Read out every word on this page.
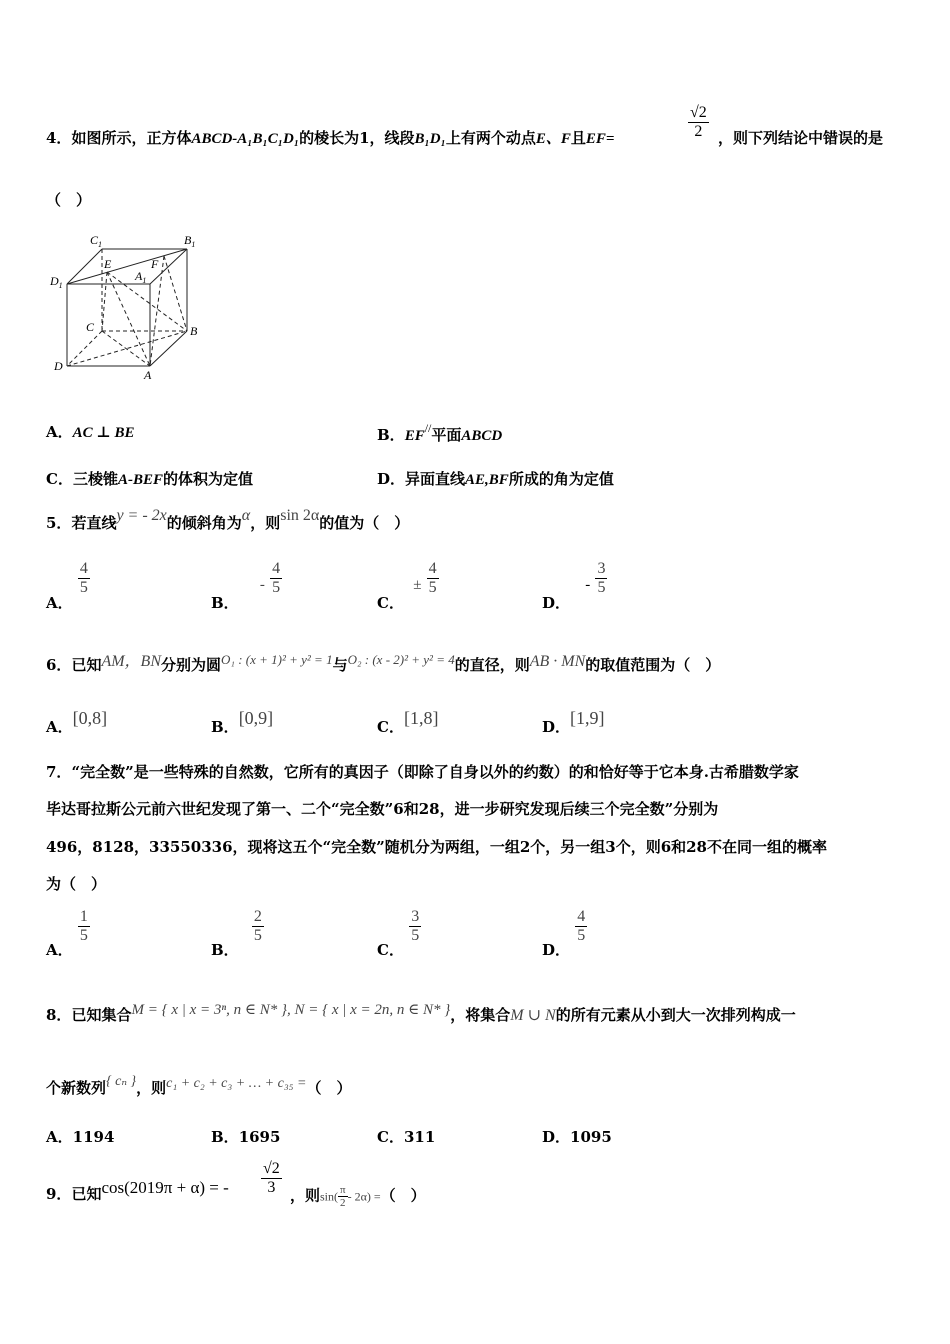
4．如图所示，正方体ABCD-A₁B₁C₁D₁的棱长为1，线段B₁D₁上有两个动点E、F且EF=	$\frac{√2}{2}$ ，则下列结论中错误的是
（　）
$C_1$	$B_1$
$D_1$
E
$A_1$
F
C	B
D
A
A．AC ⊥ BE	B．EF//平面ABCD
C．三棱锥A-BEF的体积为定值	D．异面直线AE,BF所成的角为定值
5．若直线y = - 2x的倾斜角为α，则sin 2α的值为（　）
A．
$\frac{4}{5}$
B． - $\frac{4}{5}$
C． ± $\frac{4}{5}$
D． - $\frac{3}{5}$
6．已知AM，BN分别为圆O₁ : (x + 1)² + y² = 1与O₂ : (x - 2)² + y² = 4的直径，则AB · MN的取值范围为（　）
A．[0,8]	B．[0,9]	C．[1,8]	D．[1,9]
7．“完全数”是一些特殊的自然数，它所有的真因子（即除了自身以外的约数）的和恰好等于它本身.古希腊数学家
毕达哥拉斯公元前六世纪发现了第一、二个“完全数”6和28，进一步研究发现后续三个完全数”分别为
496，8128，33550336，现将这五个“完全数”随机分为两组，一组2个，另一组3个，则6和28不在同一组的概率
为（　）
A．
$\frac{1}{5}$
B．
$\frac{2}{5}$
C．
$\frac{3}{5}$
D．
$\frac{4}{5}$
8．已知集合M = { x | x = 3ⁿ, n ∈ N* }, N = { x | x = 2n, n ∈ N* }，将集合M ∪ N的所有元素从小到大一次排列构成一
个新数列{ cₙ }，则c₁ + c₂ + c₃ + … + c₃₅ =（　）
A．1194	B．1695	C．311	D．1095
9．已知cos(2019π + α) = - $\frac{√2}{3}$ ，则$\sin( \frac{\pi}{2} - 2\alpha)$ =（　）
